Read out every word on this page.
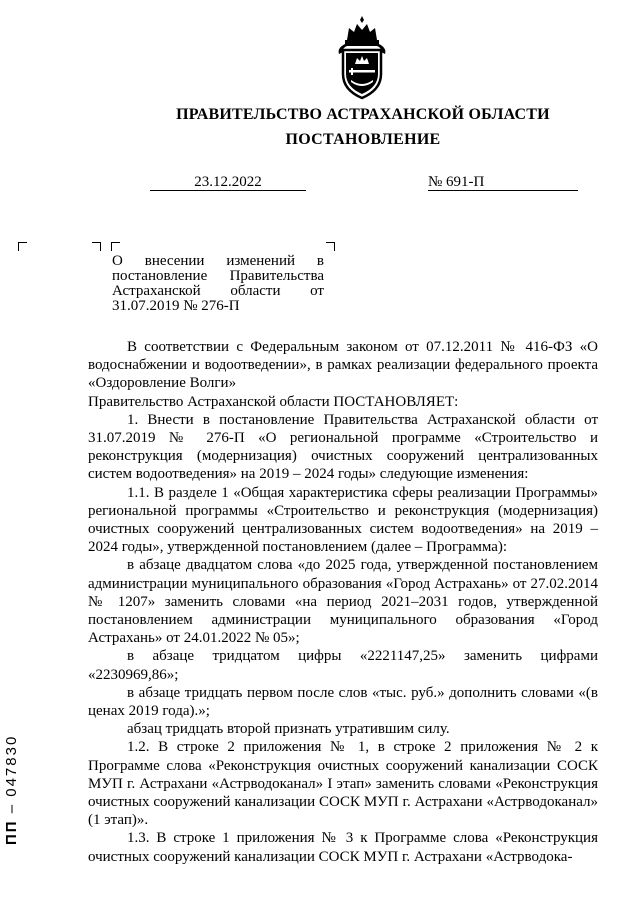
ПРАВИТЕЛЬСТВО АСТРАХАНСКОЙ ОБЛАСТИ
ПОСТАНОВЛЕНИЕ
23.12.2022	№ 691-П
О внесении изменений в постановление Правительства Астраханской области от 31.07.2019 № 276-П

В соответствии с Федеральным законом от 07.12.2011 № 416-ФЗ «О водоснабжении и водоотведении», в рамках реализации федерального проекта «Оздоровление Волги»

Правительство Астраханской области ПОСТАНОВЛЯЕТ:

1. Внести в постановление Правительства Астраханской области от 31.07.2019 № 276-П «О региональной программе «Строительство и реконструкция (модернизация) очистных сооружений централизованных систем водоотведения» на 2019 – 2024 годы» следующие изменения:

1.1. В разделе 1 «Общая характеристика сферы реализации Программы» региональной программы «Строительство и реконструкция (модернизация) очистных сооружений централизованных систем водоотведения» на 2019 – 2024 годы», утвержденной постановлением (далее – Программа):

в абзаце двадцатом слова «до 2025 года, утвержденной постановлением администрации муниципального образования «Город Астрахань» от 27.02.2014 № 1207» заменить словами «на период 2021–2031 годов, утвержденной постановлением администрации муниципального образования «Город Астрахань» от 24.01.2022 № 05»;

в абзаце тридцатом цифры «2221147,25» заменить цифрами «2230969,86»;

в абзаце тридцать первом после слов «тыс. руб.» дополнить словами «(в ценах 2019 года).»;

абзац тридцать второй признать утратившим силу.

1.2. В строке 2 приложения № 1, в строке 2 приложения № 2 к Программе слова «Реконструкция очистных сооружений канализации СОСК МУП г. Астрахани «Астрводоканал» I этап» заменить словами «Реконструкция очистных сооружений канализации СОСК МУП г. Астрахани «Астрводоканал» (1 этап)».

1.3. В строке 1 приложения № 3 к Программе слова «Реконструкция очистных сооружений канализации СОСК МУП г. Астрахани «Астрводока-

ПП – 047830
